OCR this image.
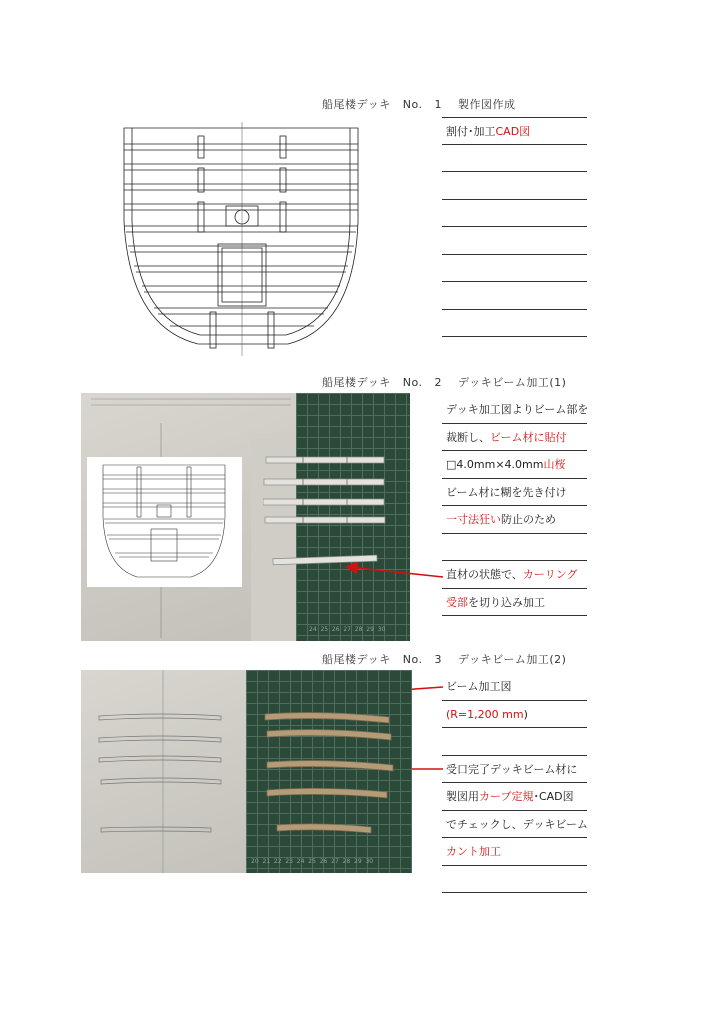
船尾楼デッキ   No.   1    製作図作成
割付･加工CAD図
船尾楼デッキ   No.   2    デッキビーム加工(1)
24  25  26  27  28  29  30
デッキ加工図よりビーム部を
裁断し、ビーム材に貼付
□4.0mm×4.0mm山桜
ビーム材に糊を先き付け
一寸法狂い防止のため
直材の状態で、カーリング
受部を切り込み加工
船尾楼デッキ   No.   3    デッキビーム加工(2)
20  21  22  23  24  25  26  27  28  29  30
ビーム加工図
(R=1,200 mm)
受口完了デッキビーム材に
製図用カーブ定規･CAD図
でチェックし、デッキビーム
カント加工
